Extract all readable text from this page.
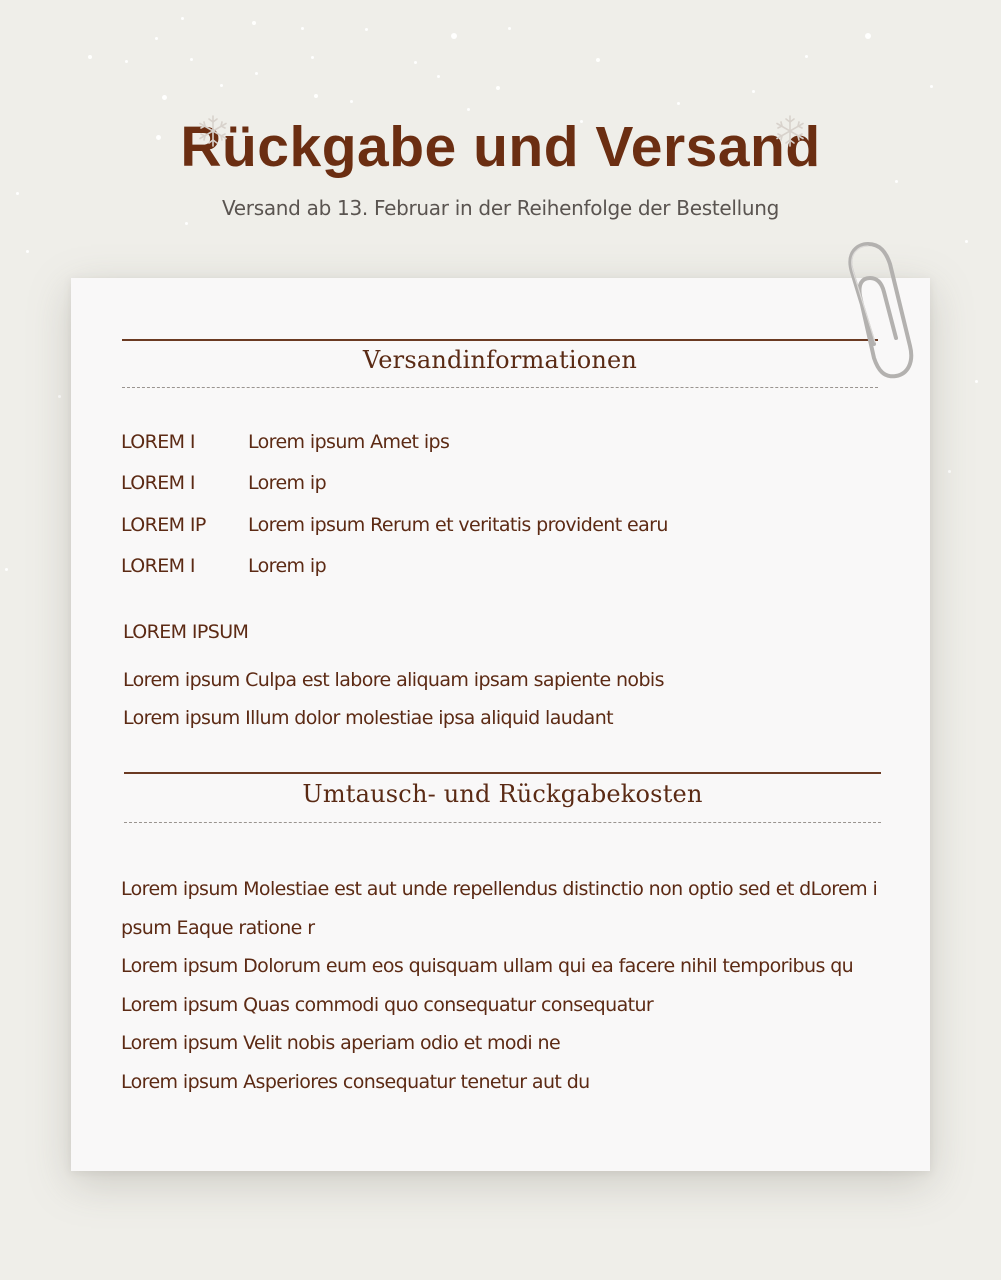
Rückgabe und Versand
Versand ab 13. Februar in der Reihenfolge der Bestellung
Versandinformationen
LOREM I	Lorem ipsum Amet ips
LOREM I	Lorem ip
LOREM IP Lorem ipsum Rerum et veritatis provident earu
LOREM I	Lorem ip
LOREM IPSUM
Lorem ipsum Culpa est labore aliquam ipsam sapiente nobis
Lorem ipsum Illum dolor molestiae ipsa aliquid laudant
Umtausch- und Rückgabekosten
Lorem ipsum Molestiae est aut unde repellendus distinctio non optio sed et dLorem i
psum Eaque ratione r
Lorem ipsum Dolorum eum eos quisquam ullam qui ea facere nihil temporibus qu
Lorem ipsum Quas commodi quo consequatur consequatur
Lorem ipsum Velit nobis aperiam odio et modi ne
Lorem ipsum Asperiores consequatur tenetur aut du
